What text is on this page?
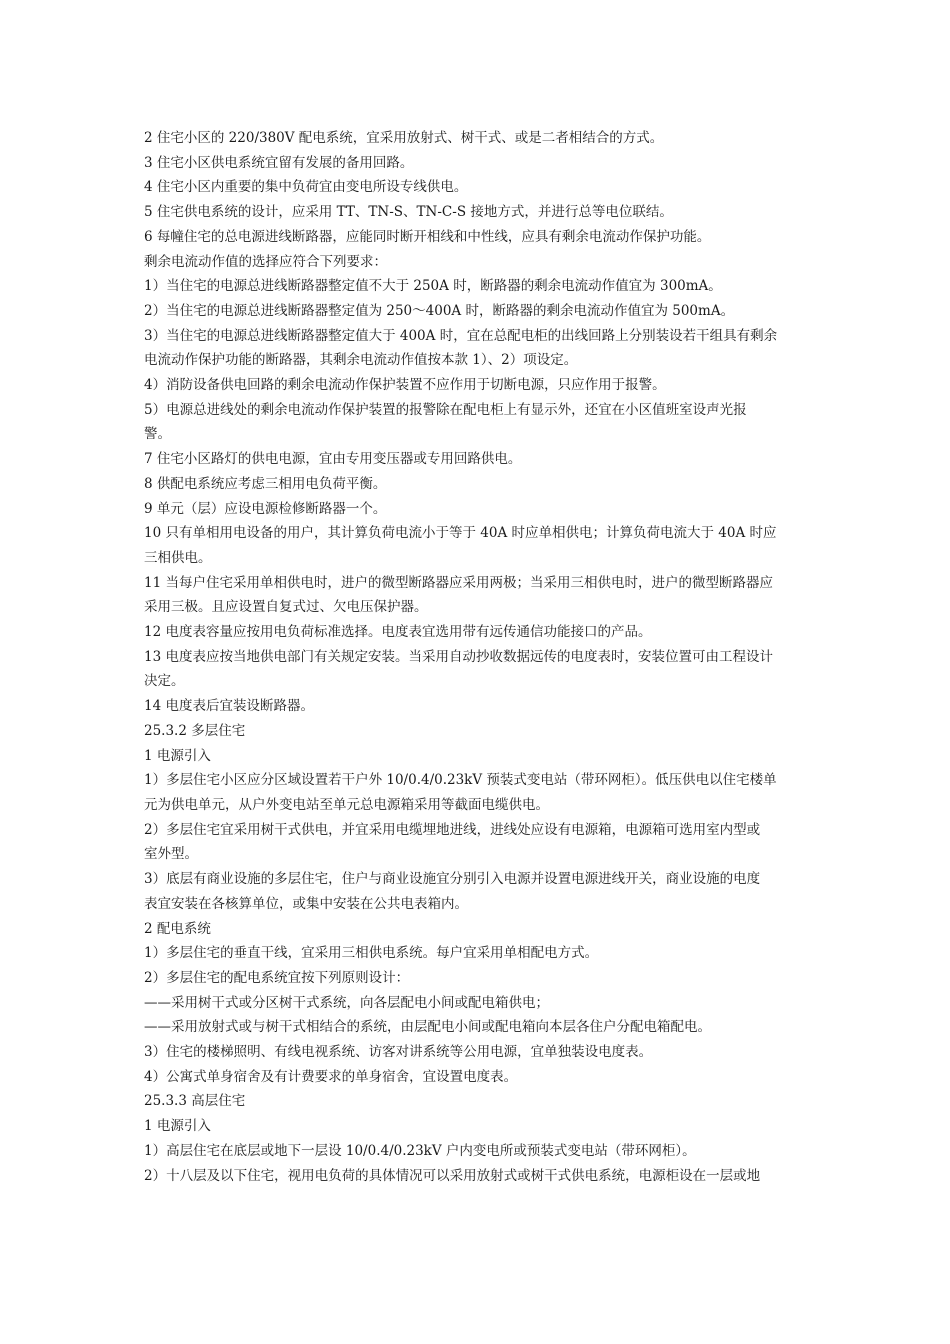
2 住宅小区的 220/380V 配电系统，宜采用放射式、树干式、或是二者相结合的方式。

3 住宅小区供电系统宜留有发展的备用回路。

4 住宅小区内重要的集中负荷宜由变电所设专线供电。

5 住宅供电系统的设计，应采用 TT、TN-S、TN-C-S 接地方式，并进行总等电位联结。

6 每幢住宅的总电源进线断路器，应能同时断开相线和中性线，应具有剩余电流动作保护功能。

剩余电流动作值的选择应符合下列要求：

1）当住宅的电源总进线断路器整定值不大于 250A 时，断路器的剩余电流动作值宜为 300mA。

2）当住宅的电源总进线断路器整定值为 250～400A 时，断路器的剩余电流动作值宜为 500mA。

3）当住宅的电源总进线断路器整定值大于 400A 时，宜在总配电柜的出线回路上分别装设若干组具有剩余

电流动作保护功能的断路器，其剩余电流动作值按本款 1）、2）项设定。

4）消防设备供电回路的剩余电流动作保护装置不应作用于切断电源，只应作用于报警。

5）电源总进线处的剩余电流动作保护装置的报警除在配电柜上有显示外，还宜在小区值班室设声光报

警。

7 住宅小区路灯的供电电源，宜由专用变压器或专用回路供电。

8 供配电系统应考虑三相用电负荷平衡。

9 单元（层）应设电源检修断路器一个。

10 只有单相用电设备的用户，其计算负荷电流小于等于 40A 时应单相供电；计算负荷电流大于 40A 时应

三相供电。

11 当每户住宅采用单相供电时，进户的微型断路器应采用两极；当采用三相供电时，进户的微型断路器应

采用三极。且应设置自复式过、欠电压保护器。

12 电度表容量应按用电负荷标准选择。电度表宜选用带有远传通信功能接口的产品。

13 电度表应按当地供电部门有关规定安装。当采用自动抄收数据远传的电度表时，安装位置可由工程设计

决定。

14 电度表后宜装设断路器。

25.3.2 多层住宅

1 电源引入

1）多层住宅小区应分区域设置若干户外 10/0.4/0.23kV 预装式变电站（带环网柜）。低压供电以住宅楼单

元为供电单元，从户外变电站至单元总电源箱采用等截面电缆供电。

2）多层住宅宜采用树干式供电，并宜采用电缆埋地进线，进线处应设有电源箱，电源箱可选用室内型或

室外型。

3）底层有商业设施的多层住宅，住户与商业设施宜分别引入电源并设置电源进线开关，商业设施的电度

表宜安装在各核算单位，或集中安装在公共电表箱内。

2 配电系统

1）多层住宅的垂直干线，宜采用三相供电系统。每户宜采用单相配电方式。

2）多层住宅的配电系统宜按下列原则设计：

——采用树干式或分区树干式系统，向各层配电小间或配电箱供电；

——采用放射式或与树干式相结合的系统，由层配电小间或配电箱向本层各住户分配电箱配电。

3）住宅的楼梯照明、有线电视系统、访客对讲系统等公用电源，宜单独装设电度表。

4）公寓式单身宿舍及有计费要求的单身宿舍，宜设置电度表。

25.3.3 高层住宅

1 电源引入

1）高层住宅在底层或地下一层设 10/0.4/0.23kV 户内变电所或预装式变电站（带环网柜）。

2）十八层及以下住宅，视用电负荷的具体情况可以采用放射式或树干式供电系统，电源柜设在一层或地
